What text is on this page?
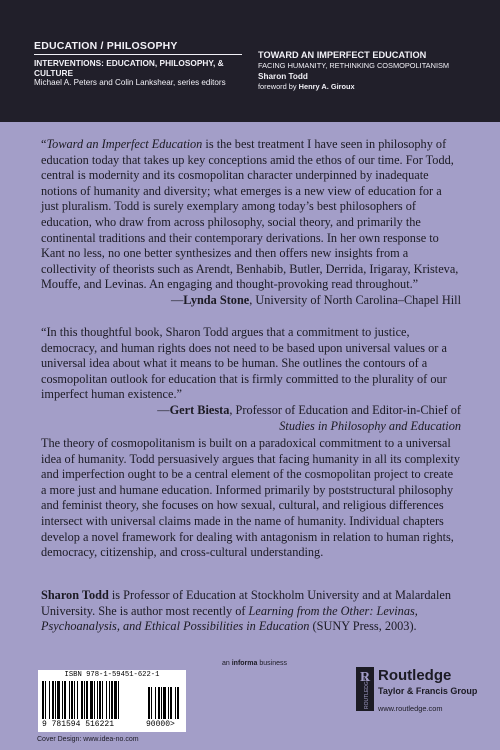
EDUCATION / PHILOSOPHY
INTERVENTIONS: EDUCATION, PHILOSOPHY, & CULTURE
Michael A. Peters and Colin Lankshear, series editors
TOWARD AN IMPERFECT EDUCATION
FACING HUMANITY, RETHINKING COSMOPOLITANISM
Sharon Todd
foreword by Henry A. Giroux
“Toward an Imperfect Education is the best treatment I have seen in philosophy of education today that takes up key conceptions amid the ethos of our time. For Todd, central is modernity and its cosmopolitan character underpinned by inadequate notions of humanity and diversity; what emerges is a new view of education for a just pluralism. Todd is surely exemplary among today’s best philosophers of education, who draw from across philosophy, social theory, and primarily the continental traditions and their contemporary derivations. In her own response to Kant no less, no one better synthesizes and then offers new insights from a collectivity of theorists such as Arendt, Benhabib, Butler, Derrida, Irigaray, Kristeva, Mouffe, and Levinas. An engaging and thought-provoking read throughout.”
—Lynda Stone, University of North Carolina–Chapel Hill
“In this thoughtful book, Sharon Todd argues that a commitment to justice, democracy, and human rights does not need to be based upon universal values or a universal idea about what it means to be human. She outlines the contours of a cosmopolitan outlook for education that is firmly committed to the plurality of our imperfect human existence.”
—Gert Biesta, Professor of Education and Editor-in-Chief of
Studies in Philosophy and Education
The theory of cosmopolitanism is built on a paradoxical commitment to a universal idea of humanity. Todd persuasively argues that facing humanity in all its complexity and imperfection ought to be a central element of the cosmopolitan project to create a more just and humane education. Informed primarily by poststructural philosophy and feminist theory, she focuses on how sexual, cultural, and religious differences intersect with universal claims made in the name of humanity. Individual chapters develop a novel framework for dealing with antagonism in relation to human rights, democracy, citizenship, and cross-cultural understanding.
Sharon Todd is Professor of Education at Stockholm University and at Malardalen University. She is author most recently of Learning from the Other: Levinas, Psychoanalysis, and Ethical Possibilities in Education (SUNY Press, 2003).
an informa business
ISBN 978-1-59451-622-1
9 781594 516221	90000>
Cover Design: www.idea-no.com
R
ROUTLEDGE
Routledge
Taylor & Francis Group
www.routledge.com
